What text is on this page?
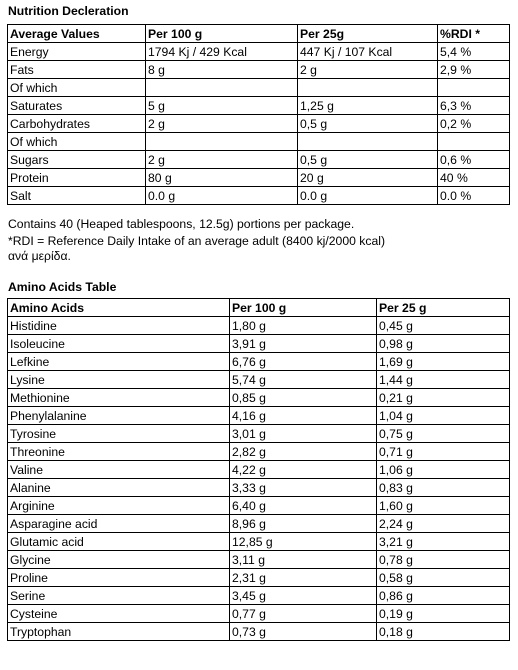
Nutrition Decleration
Average Values	Per 100 g	Per 25g	%RDI *
Energy	1794 Kj / 429 Kcal	447 Kj / 107 Kcal	5,4 %
Fats	8 g	2 g	2,9 %
Of which			
Saturates	5 g	1,25 g	6,3 %
Carbohydrates	2 g	0,5 g	0,2 %
Of which			
Sugars	2 g	0,5 g	0,6 %
Protein	80 g	20 g	40 %
Salt	0.0 g	0.0 g	0.0 %
Contains 40 (Heaped tablespoons, 12.5g) portions per package.
*RDI = Reference Daily Intake of an average adult (8400 kj/2000 kcal)
ανά μερίδα.
Amino Acids Table
Amino Acids	Per 100 g	Per 25 g
Histidine	1,80 g	0,45 g
Isoleucine	3,91 g	0,98 g
Lefkine	6,76 g	1,69 g
Lysine	5,74 g	1,44 g
Methionine	0,85 g	0,21 g
Phenylalanine	4,16 g	1,04 g
Tyrosine	3,01 g	0,75 g
Threonine	2,82 g	0,71 g
Valine	4,22 g	1,06 g
Alanine	3,33 g	0,83 g
Arginine	6,40 g	1,60 g
Asparagine acid	8,96 g	2,24 g
Glutamic acid	12,85 g	3,21 g
Glycine	3,11 g	0,78 g
Proline	2,31 g	0,58 g
Serine	3,45 g	0,86 g
Cysteine	0,77 g	0,19 g
Tryptophan	0,73 g	0,18 g
